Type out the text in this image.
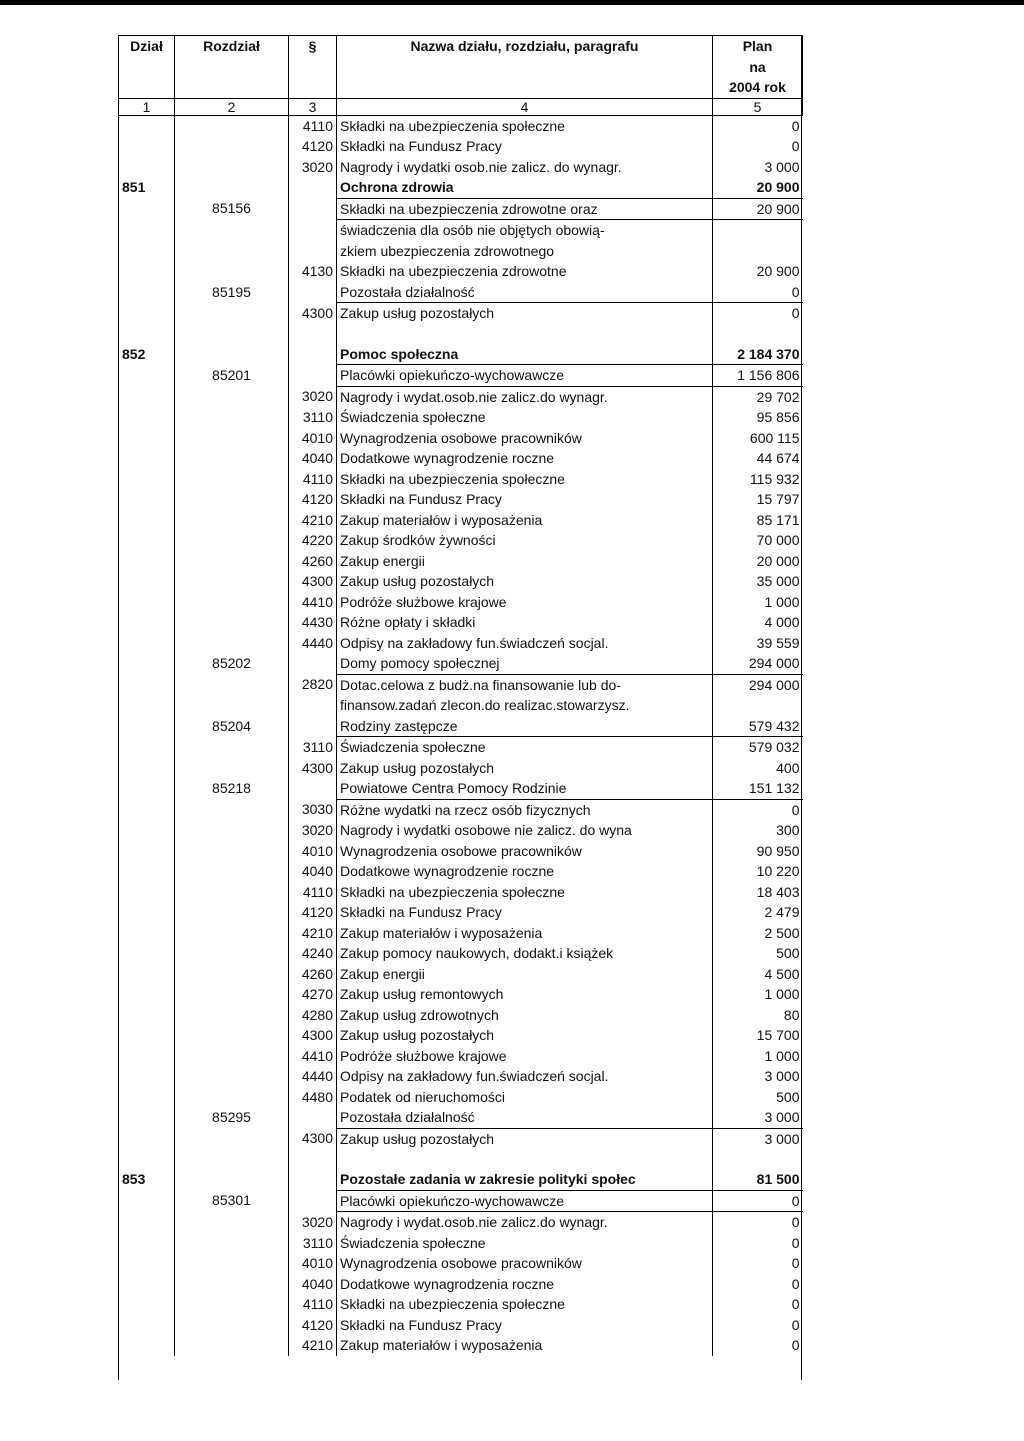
Dział	Rozdział	§	Nazwa działu, rozdziału, paragrafu	Plan
na
2004 rok
1	2	3	4	5
		4110	Składki na ubezpieczenia społeczne	0
		4120	Składki na Fundusz Pracy	0
		3020	Nagrody i wydatki osob.nie zalicz. do wynagr.	3 000
851			Ochrona zdrowia	20 900
	85156		Składki na ubezpieczenia zdrowotne oraz	20 900
			świadczenia dla osób nie objętych obowią-	
			zkiem ubezpieczenia zdrowotnego	
		4130	Składki na ubezpieczenia zdrowotne	20 900
	85195		Pozostała działalność	0
		4300	Zakup usług pozostałych	0

852			Pomoc społeczna	2 184 370
	85201		Placówki opiekuńczo-wychowawcze	1 156 806
		3020	Nagrody i wydat.osob.nie zalicz.do wynagr.	29 702
		3110	Świadczenia społeczne	95 856
		4010	Wynagrodzenia osobowe pracowników	600 115
		4040	Dodatkowe wynagrodzenie roczne	44 674
		4110	Składki na ubezpieczenia społeczne	115 932
		4120	Składki na Fundusz Pracy	15 797
		4210	Zakup materiałów i wyposażenia	85 171
		4220	Zakup środków żywności	70 000
		4260	Zakup energii	20 000
		4300	Zakup usług pozostałych	35 000
		4410	Podróże służbowe krajowe	1 000
		4430	Różne opłaty i składki	4 000
		4440	Odpisy na zakładowy fun.świadczeń socjal.	39 559
	85202		Domy pomocy społecznej	294 000
		2820	Dotac.celowa z budż.na finansowanie lub do-	294 000
			finansow.zadań zlecon.do realizac.stowarzysz.	
	85204		Rodziny zastępcze	579 432
		3110	Świadczenia społeczne	579 032
		4300	Zakup usług pozostałych	400
	85218		Powiatowe Centra Pomocy Rodzinie	151 132
		3030	Różne wydatki na rzecz osób fizycznych	0
		3020	Nagrody i wydatki osobowe nie zalicz. do wyna	300
		4010	Wynagrodzenia osobowe pracowników	90 950
		4040	Dodatkowe wynagrodzenie roczne	10 220
		4110	Składki na ubezpieczenia społeczne	18 403
		4120	Składki na Fundusz Pracy	2 479
		4210	Zakup materiałów i wyposażenia	2 500
		4240	Zakup pomocy naukowych, dodakt.i książek	500
		4260	Zakup energii	4 500
		4270	Zakup usług remontowych	1 000
		4280	Zakup usług zdrowotnych	80
		4300	Zakup usług pozostałych	15 700
		4410	Podróże służbowe krajowe	1 000
		4440	Odpisy na zakładowy fun.świadczeń socjal.	3 000
		4480	Podatek od nieruchomości	500
	85295		Pozostała działalność	3 000
		4300	Zakup usług pozostałych	3 000

853			Pozostałe zadania w zakresie polityki społec	81 500
	85301		Placówki opiekuńczo-wychowawcze	0
		3020	Nagrody i wydat.osob.nie zalicz.do wynagr.	0
		3110	Świadczenia społeczne	0
		4010	Wynagrodzenia osobowe pracowników	0
		4040	Dodatkowe wynagrodzenia roczne	0
		4110	Składki na ubezpieczenia społeczne	0
		4120	Składki na Fundusz Pracy	0
		4210	Zakup materiałów i wyposażenia	0
